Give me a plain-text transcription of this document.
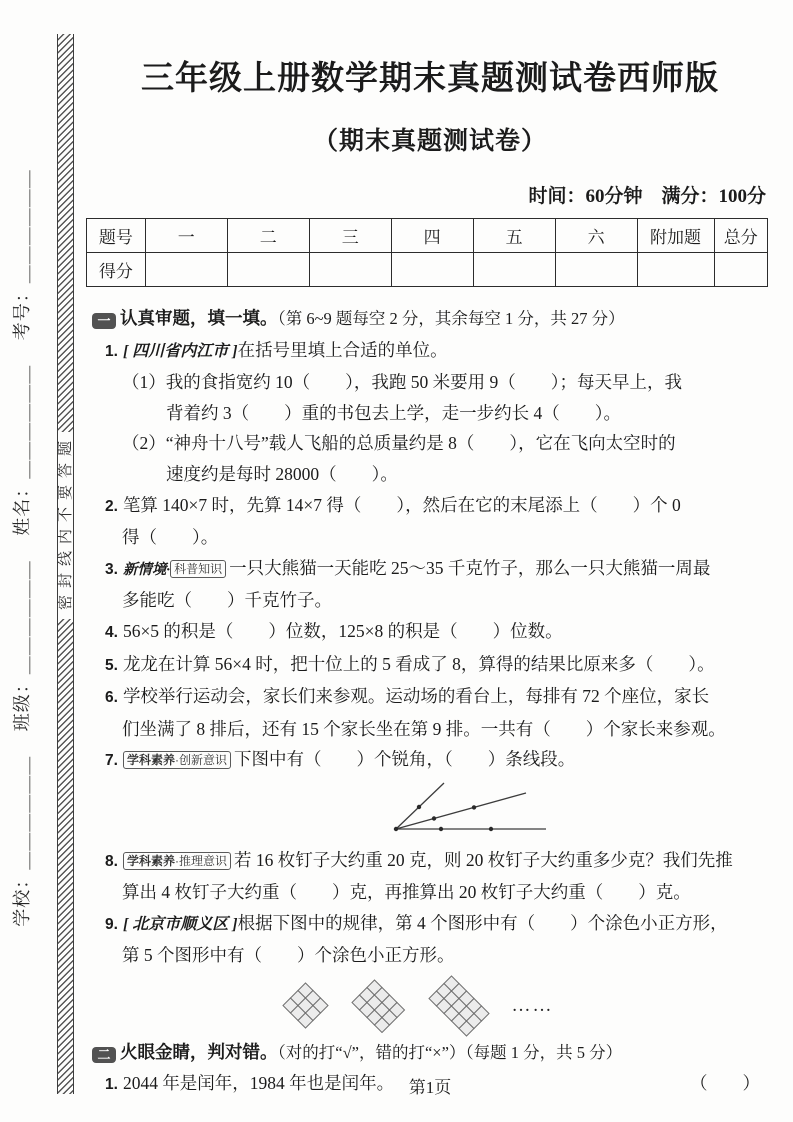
学校：＿＿＿＿＿＿　 班级：＿＿＿＿＿＿　 姓名：＿＿＿＿＿＿　 考号：＿＿＿＿＿＿	题
答
要
不
内
线
封
密
三年级上册数学期末真题测试卷西师版
（期末真题测试卷）
时间：60分钟　满分：100分
题号	一	二	三	四	五	六	附加题	总分
得分								
一 认真审题，填一填。（第 6~9 题每空 2 分，其余每空 1 分，共 27 分）
1. [ 四川省内江市 ]在括号里填上合适的单位。
（1）我的食指宽约 10（　　），我跑 50 米要用 9（　　）；每天早上，我
背着约 3（　　）重的书包去上学，走一步约长 4（　　）。
（2）“神舟十八号”载人飞船的总质量约是 8（　　），它在飞向太空时的
速度约是每时 28000（　　）。
2. 笔算 140×7 时，先算 14×7 得（　　），然后在它的末尾添上（　　）个 0
得（　　）。
3. 新情境· 科普知识 一只大熊猫一天能吃 25～35 千克竹子，那么一只大熊猫一周最
多能吃（　　）千克竹子。
4. 56×5 的积是（　　）位数，125×8 的积是（　　）位数。
5. 龙龙在计算 56×4 时，把十位上的 5 看成了 8，算得的结果比原来多（　　）。
6. 学校举行运动会，家长们来参观。运动场的看台上，每排有 72 个座位，家长
们坐满了 8 排后，还有 15 个家长坐在第 9 排。一共有（　　）个家长来参观。
7. 学科素养·创新意识 下图中有（　　）个锐角，（　　）条线段。
8. 学科素养·推理意识 若 16 枚钉子大约重 20 克，则 20 枚钉子大约重多少克？我们先推
算出 4 枚钉子大约重（　　）克，再推算出 20 枚钉子大约重（　　）克。
9. [ 北京市顺义区 ]根据下图中的规律，第 4 个图形中有（　　）个涂色小正方形，
第 5 个图形中有（　　）个涂色小正方形。
……
二 火眼金睛，判对错。（对的打“√”，错的打“×”）（每题 1 分，共 5 分）
1. 2044 年是闰年，1984 年也是闰年。	（　　）
第1页
